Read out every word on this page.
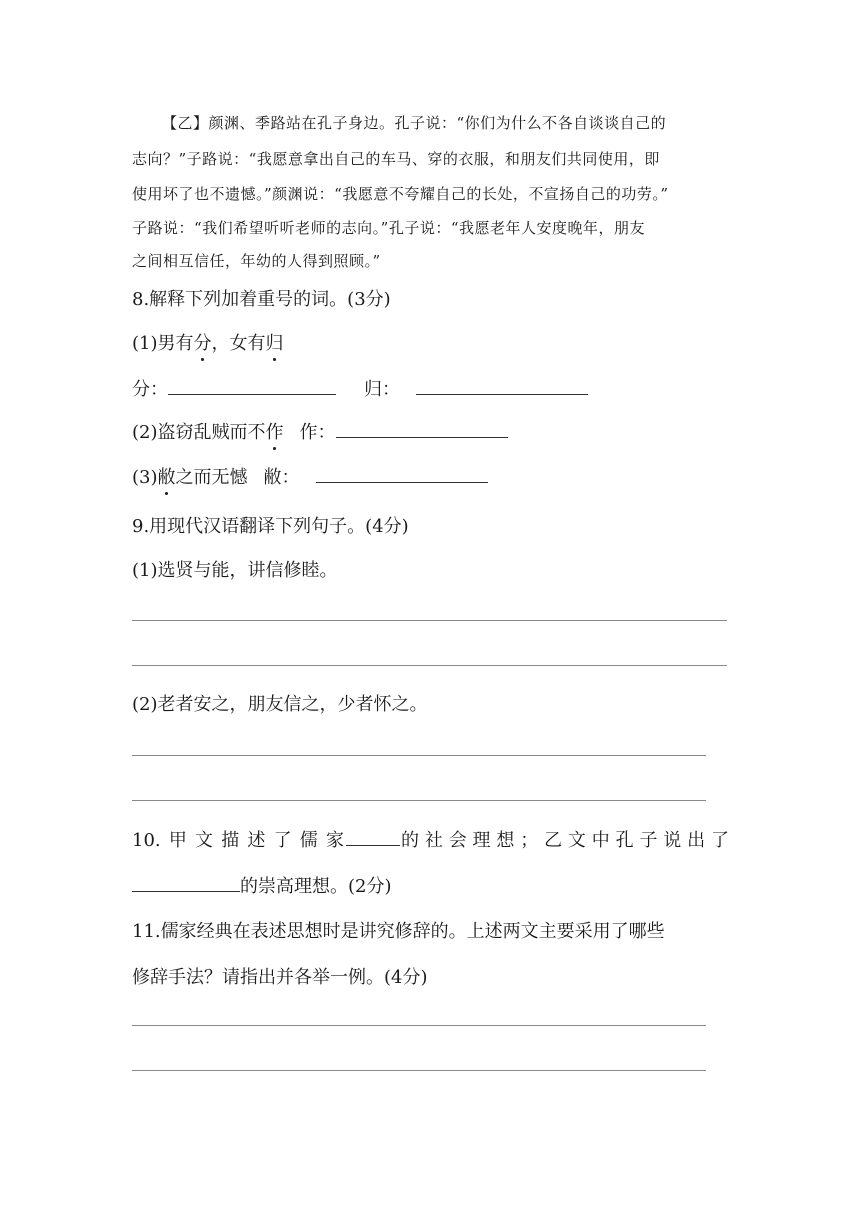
【乙】颜渊、季路站在孔子身边。孔子说：“你们为什么不各自谈谈自己的
志向？”子路说：“我愿意拿出自己的车马、穿的衣服，和朋友们共同使用，即
使用坏了也不遗憾。”颜渊说：“我愿意不夸耀自己的长处，不宣扬自己的功劳。”
子路说：“我们希望听听老师的志向。”孔子说：“我愿老年人安度晚年，朋友
之间相互信任，年幼的人得到照顾。”
8.解释下列加着重号的词。(3分)
(1)男有分，女有归
分：	归：
(2)盗窃乱贼而不作 作：
(3)敝之而无憾 敝：
9.用现代汉语翻译下列句子。(4分)
(1)选贤与能，讲信修睦。
(2)老者安之，朋友信之，少者怀之。
10.甲文描述了儒家	的社会理想；乙文中孔子说出了
的崇高理想。(2分)
11.儒家经典在表述思想时是讲究修辞的。上述两文主要采用了哪些
修辞手法？请指出并各举一例。(4分)
